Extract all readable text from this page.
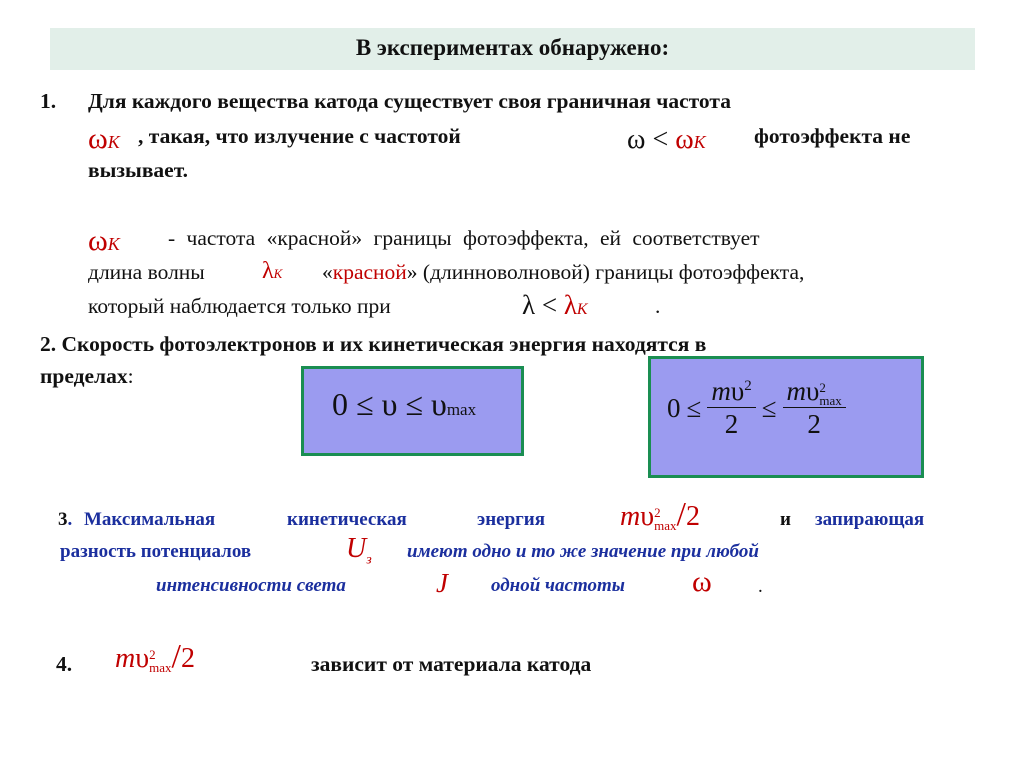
В экспериментах обнаружено:
1. Для каждого вещества катода существует своя граничная частота
ωK , такая, что излучение с частотой	ω < ωK фотоэффекта не
вызывает.
ωK - частота «красной» границы фотоэффекта, ей соответствует
длина волны λK «красной» (длинноволновой) границы фотоэффекта,
который наблюдается только при	λ < λK	.
2. Скорость фотоэлектронов и их кинетическая энергия находятся в
пределах:
0 ≤ υ ≤ υmax	$0 \le \frac{m\upsilon^2}{2} \le m\upsilon$ 2
max
2
3. Максимальная	кинетическая	энергия	mυ 2
max /2	и запирающая
разность потенциалов	$U_з$ имеют одно и то же значение при любой
интенсивности света	J одной частоты ω .
4. mυ 2
max /2	зависит от материала катода
